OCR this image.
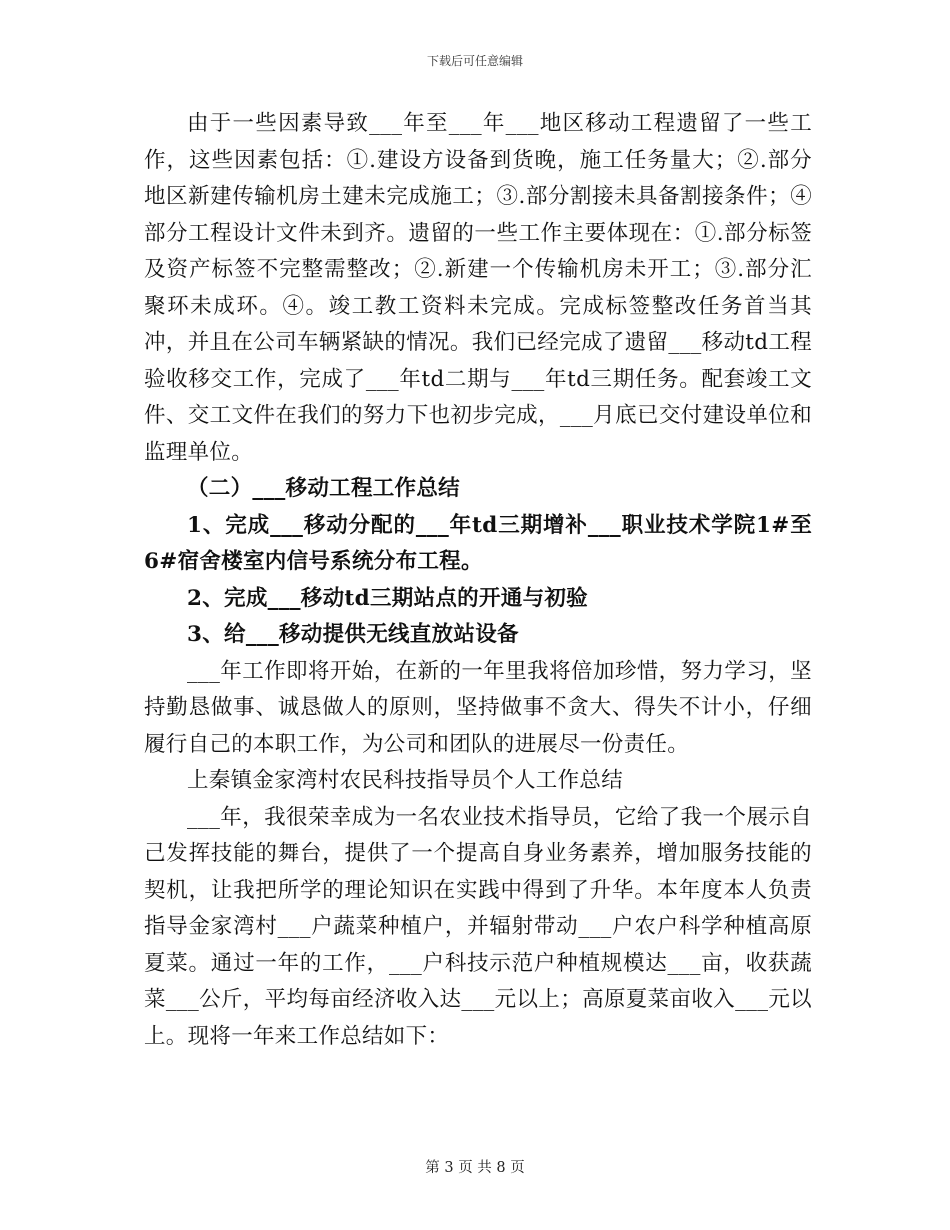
下载后可任意编辑

由于一些因素导致___年至___年___地区移动工程遗留了一些工作，这些因素包括：①.建设方设备到货晚，施工任务量大；②.部分地区新建传输机房土建未完成施工；③.部分割接未具备割接条件；④部分工程设计文件未到齐。遗留的一些工作主要体现在：①.部分标签及资产标签不完整需整改；②.新建一个传输机房未开工；③.部分汇聚环未成环。④。竣工教工资料未完成。完成标签整改任务首当其冲，并且在公司车辆紧缺的情况。我们已经完成了遗留___移动td工程验收移交工作，完成了___年td二期与___年td三期任务。配套竣工文件、交工文件在我们的努力下也初步完成，___月底已交付建设单位和监理单位。

（二）___移动工程工作总结

1、完成___移动分配的___年td三期增补___职业技术学院1#至6#宿舍楼室内信号系统分布工程。

2、完成___移动td三期站点的开通与初验

3、给___移动提供无线直放站设备

___年工作即将开始，在新的一年里我将倍加珍惜，努力学习，坚持勤恳做事、诚恳做人的原则，坚持做事不贪大、得失不计小，仔细履行自己的本职工作，为公司和团队的进展尽一份责任。

上秦镇金家湾村农民科技指导员个人工作总结

___年，我很荣幸成为一名农业技术指导员，它给了我一个展示自己发挥技能的舞台，提供了一个提高自身业务素养，增加服务技能的契机，让我把所学的理论知识在实践中得到了升华。本年度本人负责指导金家湾村___户蔬菜种植户，并辐射带动___户农户科学种植高原夏菜。通过一年的工作，___户科技示范户种植规模达___亩，收获蔬菜___公斤，平均每亩经济收入达___元以上；高原夏菜亩收入___元以上。现将一年来工作总结如下：

第 3 页 共 8 页
